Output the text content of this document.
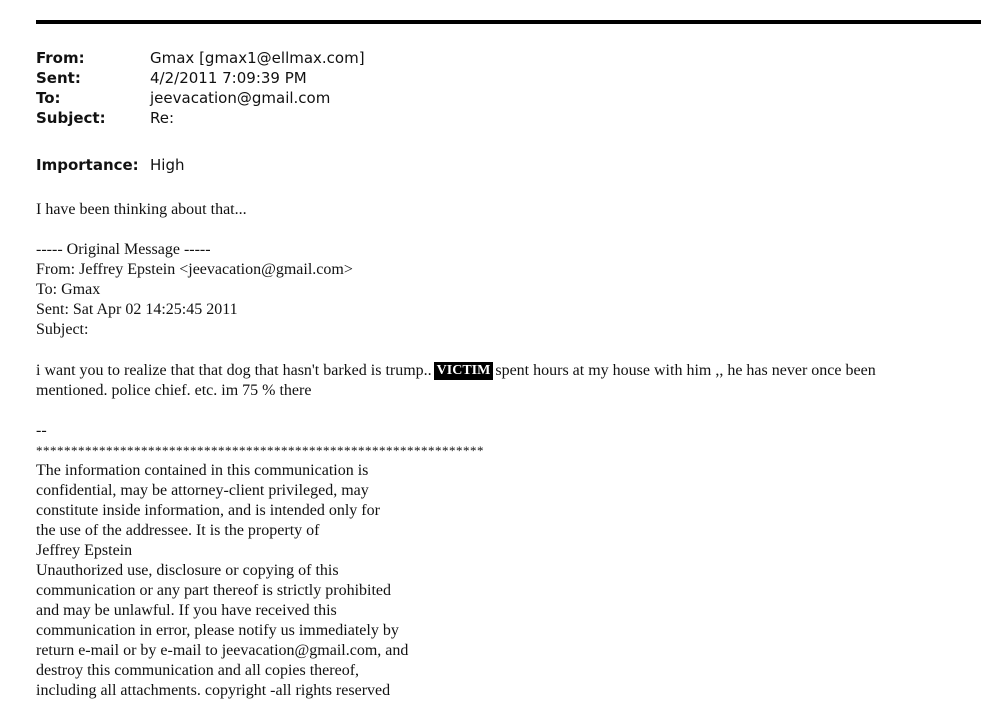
From:	Gmax [gmax1@ellmax.com]
Sent:	4/2/2011 7:09:39 PM
To:	jeevacation@gmail.com
Subject:	Re:
Importance: High
I have been thinking about that...
----- Original Message -----
From: Jeffrey Epstein <jeevacation@gmail.com>
To: Gmax
Sent: Sat Apr 02 14:25:45 2011
Subject:
i want you to realize that that dog that hasn't barked is trump.. VICTIM spent hours at my house with him ,, he has never once been
mentioned. police chief. etc. im 75 % there
--
****************************************************************
The information contained in this communication is
confidential, may be attorney-client privileged, may
constitute inside information, and is intended only for
the use of the addressee. It is the property of
Jeffrey Epstein
Unauthorized use, disclosure or copying of this
communication or any part thereof is strictly prohibited
and may be unlawful. If you have received this
communication in error, please notify us immediately by
return e-mail or by e-mail to jeevacation@gmail.com, and
destroy this communication and all copies thereof,
including all attachments. copyright -all rights reserved
